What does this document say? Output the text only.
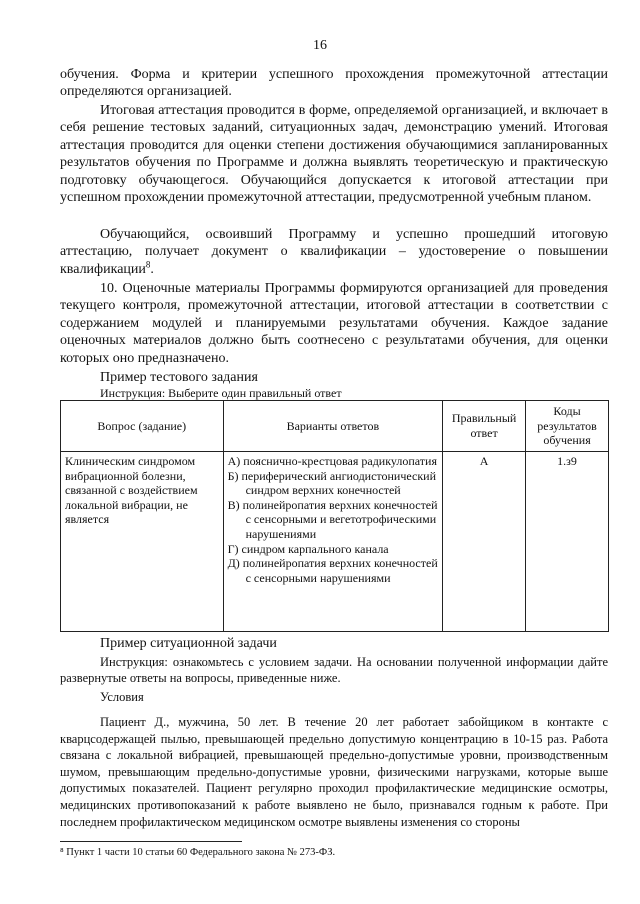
16

обучения. Форма и критерии успешного прохождения промежуточной аттестации определяются организацией.

Итоговая аттестация проводится в форме, определяемой организацией, и включает в себя решение тестовых заданий, ситуационных задач, демонстрацию умений. Итоговая аттестация проводится для оценки степени достижения обучающимися запланированных результатов обучения по Программе и должна выявлять теоретическую и практическую подготовку обучающегося. Обучающийся допускается к итоговой аттестации при успешном прохождении промежуточной аттестации, предусмотренной учебным планом.

Обучающийся, освоивший Программу и успешно прошедший итоговую аттестацию, получает документ о квалификации – удостоверение о повышении квалификации$^8$.

10. Оценочные материалы Программы формируются организацией для проведения текущего контроля, промежуточной аттестации, итоговой аттестации в соответствии с содержанием модулей и планируемыми результатами обучения. Каждое задание оценочных материалов должно быть соотнесено с результатами обучения, для оценки которых оно предназначено.

Пример тестового задания
Инструкция: Выберите один правильный ответ
Вопрос (задание)	Варианты ответов	Правильный ответ	Коды результатов обучения
Клиническим синдромом вибрационной болезни, связанной с воздействием локальной вибрации, не является	А) пояснично-крестцовая радикулопатия
Б) периферический ангиодистонический синдром верхних конечностей
В) полинейропатия верхних конечностей с сенсорными и вегетотрофическими нарушениями
Г) синдром карпального канала
Д) полинейропатия верхних конечностей с сенсорными нарушениями	А	1.з9
Пример ситуационной задачи

Инструкция: ознакомьтесь с условием задачи. На основании полученной информации дайте развернутые ответы на вопросы, приведенные ниже.

Условия

Пациент Д., мужчина, 50 лет. В течение 20 лет работает забойщиком в контакте с кварцсодержащей пылью, превышающей предельно допустимую концентрацию в 10-15 раз. Работа связана с локальной вибрацией, превышающей предельно-допустимые уровни, производственным шумом, превышающим предельно-допустимые уровни, физическими нагрузками, которые выше допустимых показателей. Пациент регулярно проходил профилактические медицинские осмотры, медицинских противопоказаний к работе выявлено не было, признавался годным к работе. При последнем профилактическом медицинском осмотре выявлены изменения со стороны

⁸ Пункт 1 части 10 статьи 60 Федерального закона № 273-ФЗ.
